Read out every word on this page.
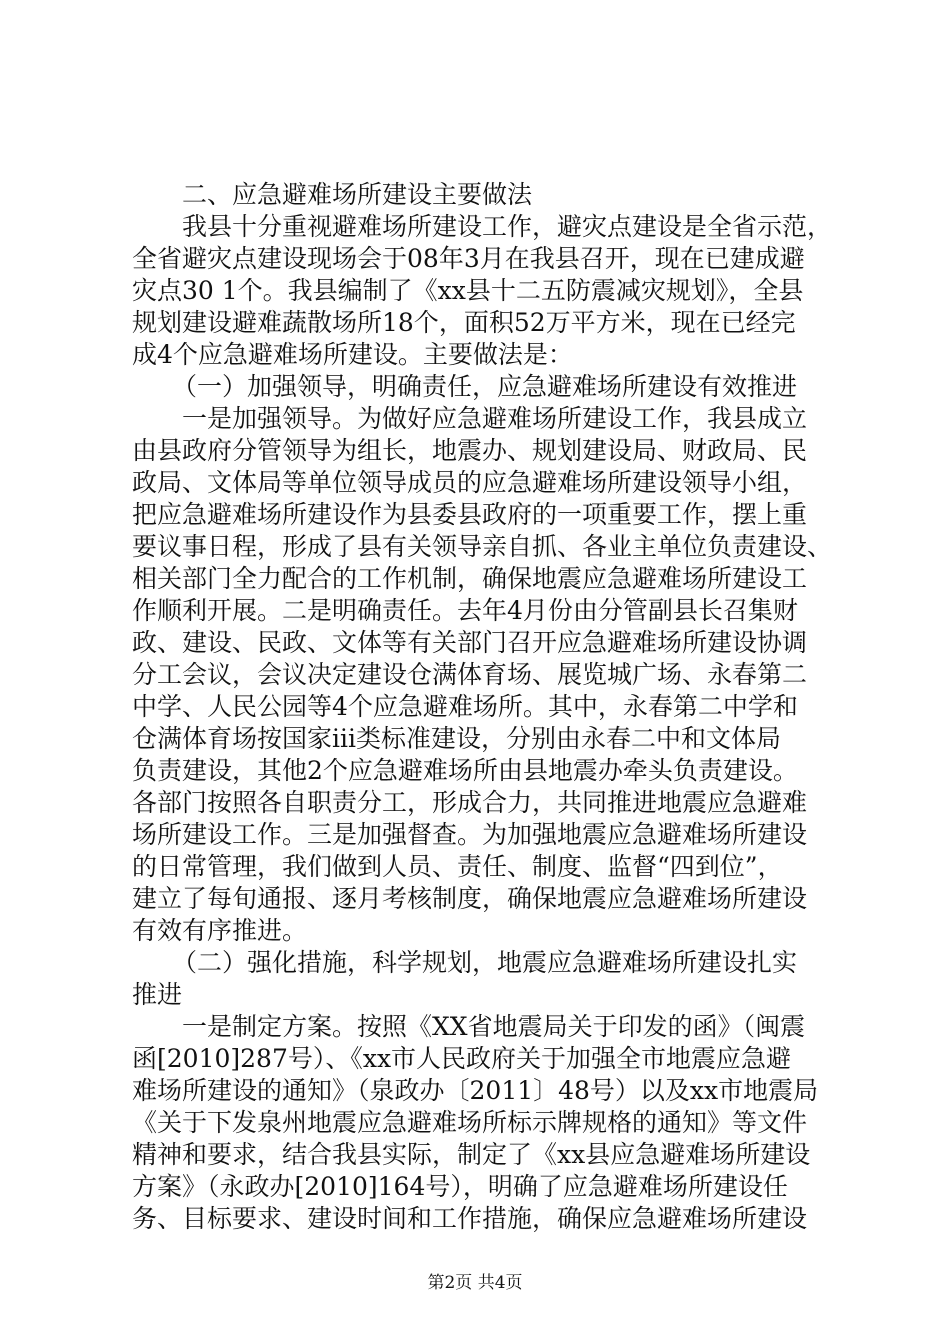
二、应急避难场所建设主要做法
我县十分重视避难场所建设工作，避灾点建设是全省示范，
全省避灾点建设现场会于08年3月在我县召开，现在已建成避
灾点30 1个。我县编制了《xx县十二五防震减灾规划》，全县
规划建设避难蔬散场所18个，面积52万平方米，现在已经完
成4个应急避难场所建设。主要做法是：
（一）加强领导，明确责任，应急避难场所建设有效推进
一是加强领导。为做好应急避难场所建设工作，我县成立
由县政府分管领导为组长，地震办、规划建设局、财政局、民
政局、文体局等单位领导成员的应急避难场所建设领导小组，
把应急避难场所建设作为县委县政府的一项重要工作，摆上重
要议事日程，形成了县有关领导亲自抓、各业主单位负责建设、
相关部门全力配合的工作机制，确保地震应急避难场所建设工
作顺利开展。二是明确责任。去年4月份由分管副县长召集财
政、建设、民政、文体等有关部门召开应急避难场所建设协调
分工会议，会议决定建设仓满体育场、展览城广场、永春第二
中学、人民公园等4个应急避难场所。其中，永春第二中学和
仓满体育场按国家iii类标准建设，分别由永春二中和文体局
负责建设，其他2个应急避难场所由县地震办牵头负责建设。
各部门按照各自职责分工，形成合力，共同推进地震应急避难
场所建设工作。三是加强督查。为加强地震应急避难场所建设
的日常管理，我们做到人员、责任、制度、监督“四到位”，
建立了每旬通报、逐月考核制度，确保地震应急避难场所建设
有效有序推进。
（二）强化措施，科学规划，地震应急避难场所建设扎实
推进
一是制定方案。按照《XX省地震局关于印发的函》（闽震
函[2010]287号）、《xx市人民政府关于加强全市地震应急避
难场所建设的通知》（泉政办〔2011〕48号）以及xx市地震局
《关于下发泉州地震应急避难场所标示牌规格的通知》等文件
精神和要求，结合我县实际，制定了《xx县应急避难场所建设
方案》（永政办[2010]164号），明确了应急避难场所建设任
务、目标要求、建设时间和工作措施，确保应急避难场所建设
第2页 共4页
